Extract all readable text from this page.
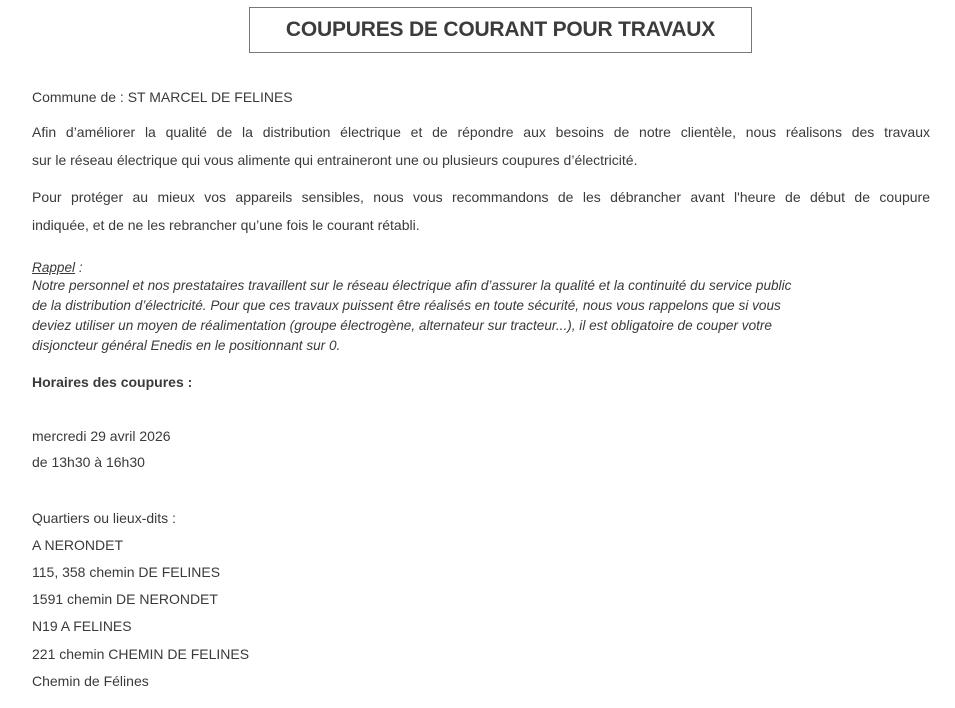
COUPURES DE COURANT POUR TRAVAUX
Commune de : ST MARCEL DE FELINES
Afin d’améliorer la qualité de la distribution électrique et de répondre aux besoins de notre clientèle, nous réalisons des travaux
sur le réseau électrique qui vous alimente qui entraineront une ou plusieurs coupures d’électricité.
Pour protéger au mieux vos appareils sensibles, nous vous recommandons de les débrancher avant l'heure de début de coupure
indiquée, et de ne les rebrancher qu’une fois le courant rétabli.
Rappel :
Notre personnel et nos prestataires travaillent sur le réseau électrique afin d’assurer la qualité et la continuité du service public
de la distribution d’électricité. Pour que ces travaux puissent être réalisés en toute sécurité, nous vous rappelons que si vous
deviez utiliser un moyen de réalimentation (groupe électrogène, alternateur sur tracteur...), il est obligatoire de couper votre
disjoncteur général Enedis en le positionnant sur 0.
Horaires des coupures :
mercredi 29 avril 2026
de 13h30 à 16h30
Quartiers ou lieux-dits :
A NERONDET
115, 358 chemin DE FELINES
1591 chemin DE NERONDET
N19 A FELINES
221 chemin CHEMIN DE FELINES
Chemin de Félines
